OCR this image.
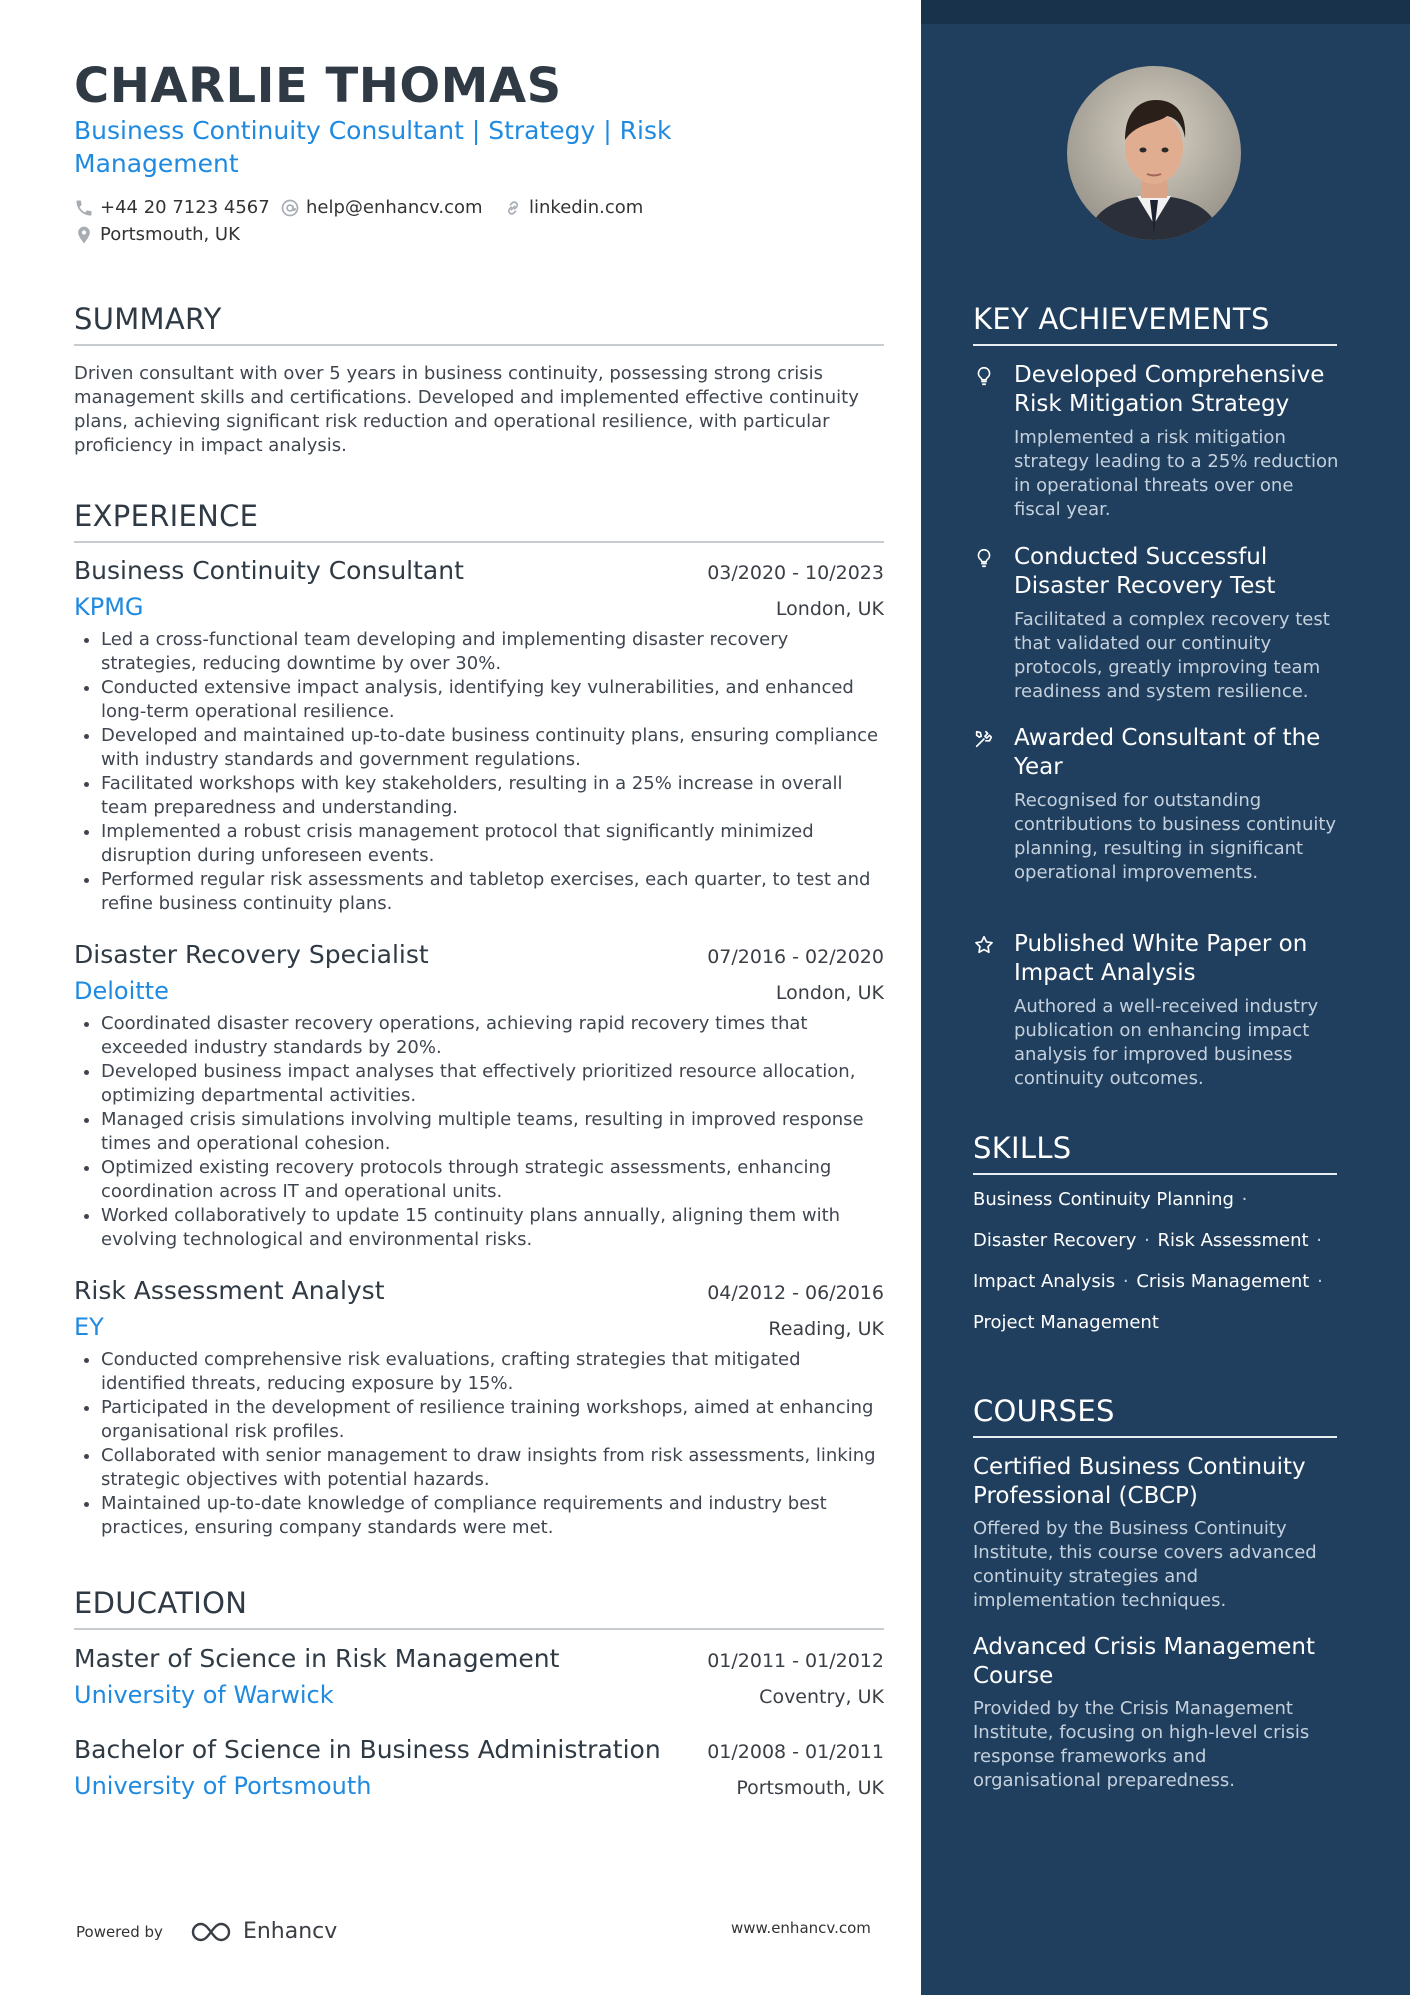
CHARLIE THOMAS
Business Continuity Consultant | Strategy | Risk Management
+44 20 7123 4567 help@enhancv.com	linkedin.com
Portsmouth, UK
SUMMARY
Driven consultant with over 5 years in business continuity, possessing strong crisis management skills and certifications. Developed and implemented effective continuity plans, achieving significant risk reduction and operational resilience, with particular proficiency in impact analysis.
EXPERIENCE
Business Continuity Consultant	03/2020 - 10/2023
KPMG	London, UK
• Led a cross-functional team developing and implementing disaster recovery strategies, reducing downtime by over 30%.
• Conducted extensive impact analysis, identifying key vulnerabilities, and enhanced long-term operational resilience.
• Developed and maintained up-to-date business continuity plans, ensuring compliance with industry standards and government regulations.
• Facilitated workshops with key stakeholders, resulting in a 25% increase in overall team preparedness and understanding.
• Implemented a robust crisis management protocol that significantly minimized disruption during unforeseen events.
• Performed regular risk assessments and tabletop exercises, each quarter, to test and refine business continuity plans.
Disaster Recovery Specialist	07/2016 - 02/2020
Deloitte	London, UK
• Coordinated disaster recovery operations, achieving rapid recovery times that exceeded industry standards by 20%.
• Developed business impact analyses that effectively prioritized resource allocation, optimizing departmental activities.
• Managed crisis simulations involving multiple teams, resulting in improved response times and operational cohesion.
• Optimized existing recovery protocols through strategic assessments, enhancing coordination across IT and operational units.
• Worked collaboratively to update 15 continuity plans annually, aligning them with evolving technological and environmental risks.
Risk Assessment Analyst	04/2012 - 06/2016
EY	Reading, UK
• Conducted comprehensive risk evaluations, crafting strategies that mitigated identified threats, reducing exposure by 15%.
• Participated in the development of resilience training workshops, aimed at enhancing organisational risk profiles.
• Collaborated with senior management to draw insights from risk assessments, linking strategic objectives with potential hazards.
• Maintained up-to-date knowledge of compliance requirements and industry best practices, ensuring company standards were met.
EDUCATION
Master of Science in Risk Management	01/2011 - 01/2012
University of Warwick	Coventry, UK
Bachelor of Science in Business Administration 01/2008 - 01/2011
University of Portsmouth	Portsmouth, UK
Powered by	Enhancv	www.enhancv.com
KEY ACHIEVEMENTS
Developed Comprehensive Risk Mitigation Strategy
Implemented a risk mitigation strategy leading to a 25% reduction in operational threats over one fiscal year.
Conducted Successful Disaster Recovery Test
Facilitated a complex recovery test that validated our continuity protocols, greatly improving team readiness and system resilience.
Awarded Consultant of the Year
Recognised for outstanding contributions to business continuity planning, resulting in significant operational improvements.
Published White Paper on Impact Analysis
Authored a well-received industry publication on enhancing impact analysis for improved business continuity outcomes.
SKILLS
Business Continuity Planning ·
Disaster Recovery · Risk Assessment ·
Impact Analysis · Crisis Management ·
Project Management
COURSES
Certified Business Continuity Professional (CBCP)
Offered by the Business Continuity Institute, this course covers advanced continuity strategies and implementation techniques.
Advanced Crisis Management Course
Provided by the Crisis Management Institute, focusing on high-level crisis response frameworks and organisational preparedness.
